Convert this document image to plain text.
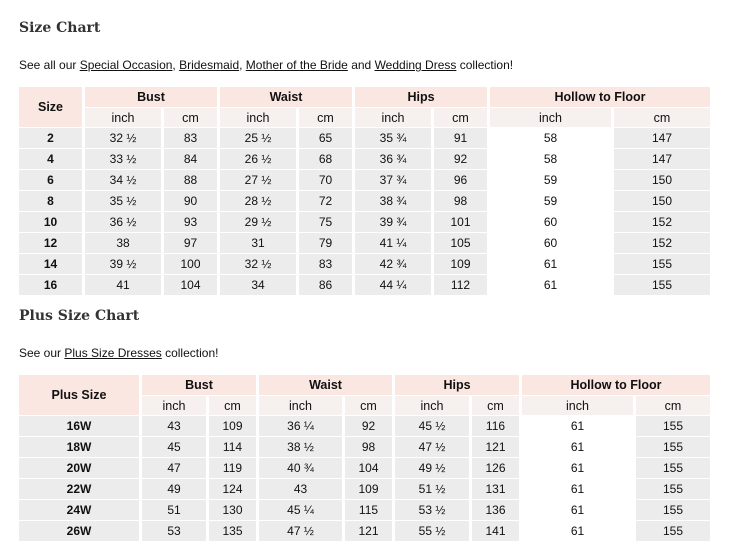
Size Chart

See all our Special Occasion, Bridesmaid, Mother of the Bride and Wedding Dress collection!

Size	Bust		Waist		Hips		Hollow to Floor	
	inch	cm	inch	cm	inch	cm	inch	cm
2	32 ½	83	25 ½	65	35 ¾	91	58	147
4	33 ½	84	26 ½	68	36 ¾	92	58	147
6	34 ½	88	27 ½	70	37 ¾	96	59	150
8	35 ½	90	28 ½	72	38 ¾	98	59	150
10	36 ½	93	29 ½	75	39 ¾	101	60	152
12	38	97	31	79	41 ¼	105	60	152
14	39 ½	100	32 ½	83	42 ¾	109	61	155
16	41	104	34	86	44 ¼	112	61	155
Plus Size Chart

See our Plus Size Dresses collection!

Plus Size	Bust		Waist		Hips		Hollow to Floor	
	inch	cm	inch	cm	inch	cm	inch	cm
16W	43	109	36 ¼	92	45 ½	116	61	155
18W	45	114	38 ½	98	47 ½	121	61	155
20W	47	119	40 ¾	104	49 ½	126	61	155
22W	49	124	43	109	51 ½	131	61	155
24W	51	130	45 ¼	115	53 ½	136	61	155
26W	53	135	47 ½	121	55 ½	141	61	155
